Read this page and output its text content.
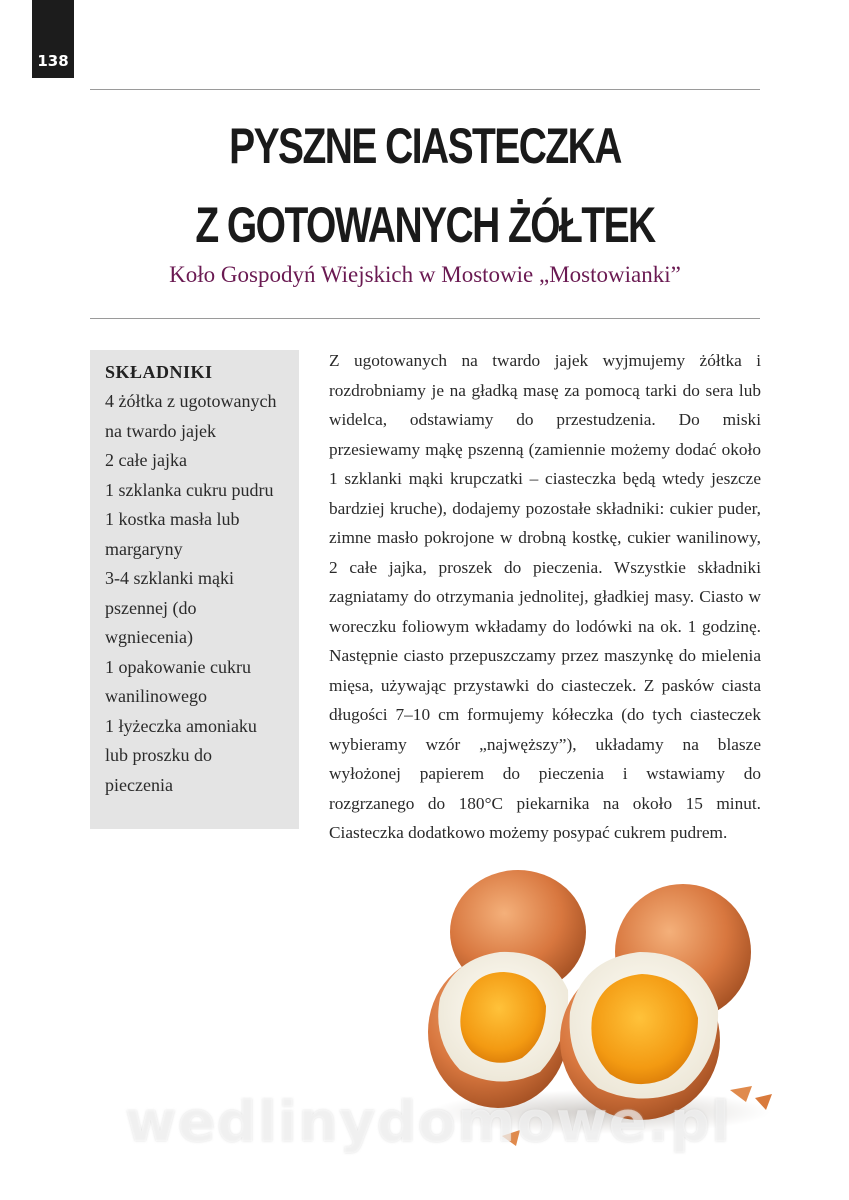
138
PYSZNE CIASTECZKA
Z GOTOWANYCH ŻÓŁTEK
Koło Gospodyń Wiejskich w Mostowie „Mostowianki”
SKŁADNIKI
4 żółtka z ugotowanych
na twardo jajek
2 całe jajka
1 szklanka cukru pudru
1 kostka masła lub
margaryny
3-4 szklanki mąki
pszennej (do
wgniecenia)
1 opakowanie cukru
wanilinowego
1 łyżeczka amoniaku
lub proszku do
pieczenia

Z ugotowanych na twardo jajek wyjmujemy żółtka i rozdrobniamy je na gładką masę za pomocą tarki do sera lub widelca, odstawiamy do przestudzenia. Do miski przesiewamy mąkę pszenną (zamiennie możemy dodać około 1 szklanki mąki krupczatki – ciasteczka będą wtedy jeszcze bardziej kruche), dodajemy pozostałe składniki: cukier puder, zimne masło pokrojone w drobną kostkę, cukier wanilinowy, 2 całe jajka, proszek do pieczenia. Wszystkie składniki zagniatamy do otrzymania jednolitej, gładkiej masy. Ciasto w woreczku foliowym wkładamy do lodówki na ok. 1 godzinę. Następnie ciasto przepuszczamy przez maszynkę do mielenia mięsa, używając przystawki do ciasteczek. Z pasków ciasta długości 7–10 cm formujemy kółeczka (do tych ciasteczek wybieramy wzór „najwęższy”), układamy na blasze wyłożonej papierem do pieczenia i wstawiamy do rozgrzanego do 180°C piekarnika na około 15 minut. Ciasteczka dodatkowo możemy posypać cukrem pudrem.

wedlinydomowe.pl
